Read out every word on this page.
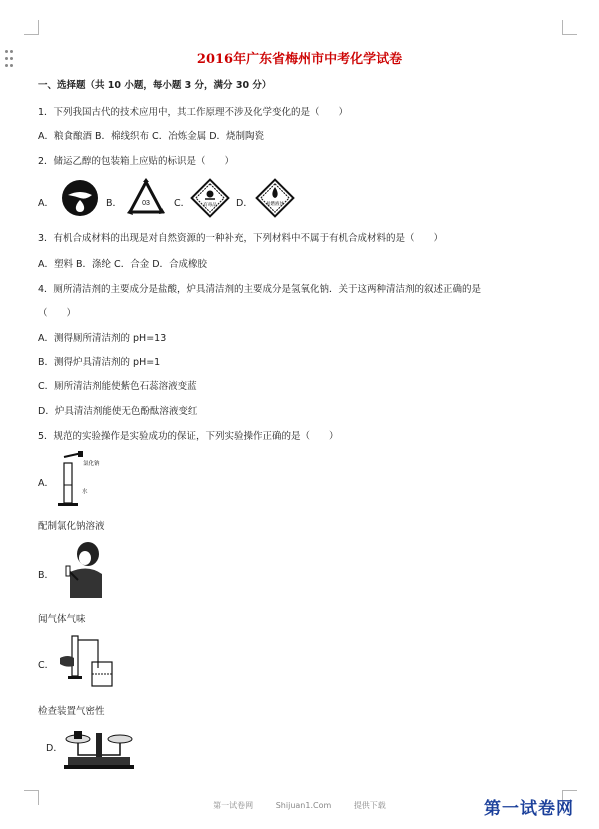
2016年广东省梅州市中考化学试卷
一、选择题（共 10 小题，每小题 3 分，满分 30 分）
1．下列我国古代的技术应用中，其工作原理不涉及化学变化的是（　　）
A．粮食酿酒 B．棉线织布 C．冶炼金属 D．烧制陶瓷
2．储运乙醇的包装箱上应贴的标识是（　　）
A．	B．	03	C．	有毒品 D．	易燃液体
3．有机合成材料的出现是对自然资源的一种补充，下列材料中不属于有机合成材料的是（　　）
A．塑料 B．涤纶 C．合金 D．合成橡胶
4．厕所清洁剂的主要成分是盐酸，炉具清洁剂的主要成分是氢氧化钠．关于这两种清洁剂的叙述正确的是
（　　）
A．测得厕所清洁剂的 pH=13
B．测得炉具清洁剂的 pH=1
C．厕所清洁剂能使紫色石蕊溶液变蓝
D．炉具清洁剂能使无色酚酞溶液变红
5．规范的实验操作是实验成功的保证，下列实验操作正确的是（　　）
A．
氯化钠
水
配制氯化钠溶液
B．
闻气体气味
C．
检查装置气密性
D．
第一试卷网	Shijuan1.Com	提供下载	第一试卷网
